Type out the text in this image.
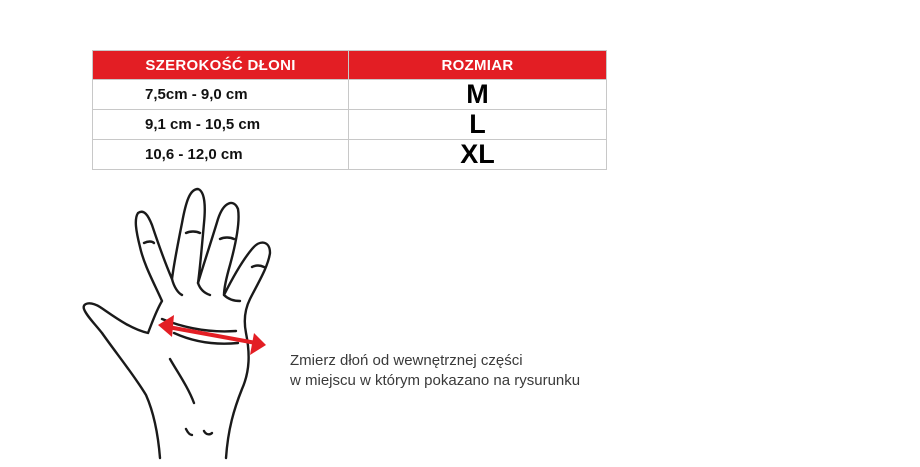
SZEROKOŚĆ DŁONI	ROZMIAR
7,5cm - 9,0 cm	M
9,1 cm - 10,5 cm	L
10,6 - 12,0 cm	XL
Zmierz dłoń od wewnętrznej części
w miejscu w którym pokazano na rysurunku
